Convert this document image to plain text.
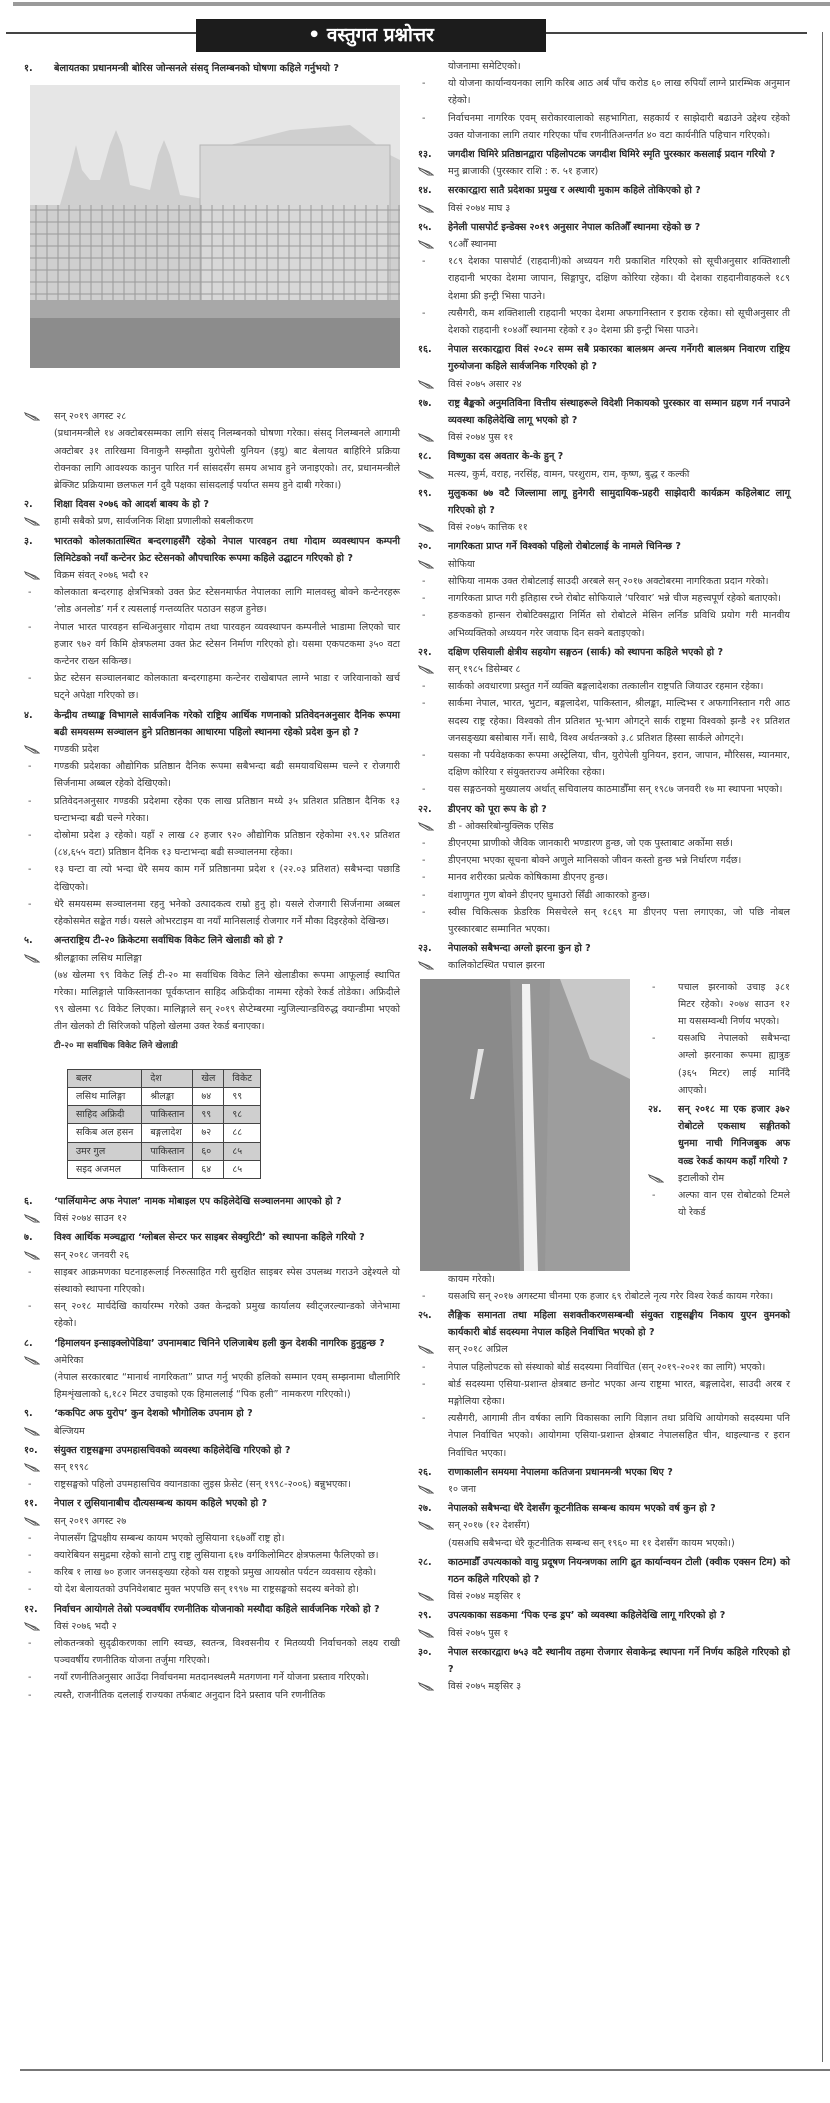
• वस्तुगत प्रश्नोत्तर
१.	बेलायतका प्रधानमन्त्री बोरिस जोन्सनले संसद् निलम्बनको घोषणा कहिले गर्नुभयो ?
सन् २०१९ अगस्ट २८
(प्रधानमन्त्रीले १४ अक्टोबरसम्मका लागि संसद् निलम्बनको घोषणा गरेका। संसद् निलम्बनले आगामी अक्टोबर ३१ तारिखमा विनाकुनै सम्झौता युरोपेली युनियन (इयु) बाट बेलायत बाहिरिने प्रक्रिया रोक्नका लागि आवश्यक कानुन पारित गर्न सांसदसँग समय अभाव हुने जनाइएको। तर, प्रधानमन्त्रीले ब्रेक्जिट प्रक्रियामा छलफल गर्न दुवै पक्षका सांसदलाई पर्याप्त समय हुने दाबी गरेका।)
२.	शिक्षा दिवस २०७६ को आदर्श बाक्य के हो ?
हामी सबैको प्रण, सार्वजनिक शिक्षा प्रणालीको सबलीकरण
३.	भारतको कोलकातास्थित बन्दरगाहसँगै रहेको नेपाल पारवहन तथा गोदाम व्यवस्थापन कम्पनी लिमिटेडको नयाँ कन्टेनर फ्रेट स्टेसनको औपचारिक रूपमा कहिले उद्घाटन गरिएको हो ?
विक्रम संवत् २०७६ भदौ १२
-	कोलकाता बन्दरगाह क्षेत्रभित्रको उक्त फ्रेट स्टेसनमार्फत नेपालका लागि मालवस्तु बोक्ने कन्टेनरहरू ‘लोड अनलोड’ गर्न र त्यसलाई गन्तव्यतिर पठाउन सहज हुनेछ।
-	नेपाल भारत पारवहन सन्धिअनुसार गोदाम तथा पारवहन व्यवस्थापन कम्पनीले भाडामा लिएको चार हजार ९७२ वर्ग किमि क्षेत्रफलमा उक्त फ्रेट स्टेसन निर्माण गरिएको हो। यसमा एकपटकमा ३५० वटा कन्टेनर राख्न सकिन्छ।
-	फ्रेट स्टेसन सञ्चालनबाट कोलकाता बन्दरगाहमा कन्टेनर राखेबापत लाग्ने भाडा र जरिवानाको खर्च घट्ने अपेक्षा गरिएको छ।
४.	केन्द्रीय तथ्याङ्क विभागले सार्वजनिक गरेको राष्ट्रिय आर्थिक गणनाको प्रतिवेदनअनुसार दैनिक रूपमा बढी समयसम्म सञ्चालन हुने प्रतिष्ठानका आधारमा पहिलो स्थानमा रहेको प्रदेश कुन हो ?
गण्डकी प्रदेश
-	गण्डकी प्रदेशका औद्योगिक प्रतिष्ठान दैनिक रूपमा सबैभन्दा बढी समयावधिसम्म चल्ने र रोजगारी सिर्जनामा अब्बल रहेको देखिएको।
-	प्रतिवेदनअनुसार गण्डकी प्रदेशमा रहेका एक लाख प्रतिष्ठान मध्ये ३५ प्रतिशत प्रतिष्ठान दैनिक १३ घन्टाभन्दा बढी चल्ने गरेका।
-	दोस्रोमा प्रदेश ३ रहेको। यहाँ २ लाख ८२ हजार ९२० औद्योगिक प्रतिष्ठान रहेकोमा २९.९२ प्रतिशत (८४,६५५ वटा) प्रतिष्ठान दैनिक १३ घन्टाभन्दा बढी सञ्चालनमा रहेका।
-	१३ घन्टा वा त्यो भन्दा धेरै समय काम गर्ने प्रतिष्ठानमा प्रदेश १ (२२.०३ प्रतिशत) सबैभन्दा पछाडि देखिएको।
-	धेरै समयसम्म सञ्चालनमा रहनु भनेको उत्पादकत्व राम्रो हुनु हो। यसले रोजगारी सिर्जनामा अब्बल रहेकोसमेत सङ्केत गर्छ। यसले ओभरटाइम वा नयाँ मानिसलाई रोजगार गर्ने मौका दिइरहेको देखिन्छ।
५.	अन्तराष्ट्रिय टी-२० क्रिकेटमा सर्वाधिक विकेट लिने खेलाडी को हो ?
श्रीलङ्काका लसिथ मालिङ्गा
(७४ खेलमा ९९ विकेट लिई टी-२० मा सर्वाधिक विकेट लिने खेलाडीका रूपमा आफूलाई स्थापित गरेका। मालिङ्गाले पाकिस्तानका पूर्वकप्तान साहिद अफ्रिदीका नाममा रहेको रेकर्ड तोडेका। अफ्रिदीले ९९ खेलमा ९८ विकेट लिएका। मालिङ्गाले सन् २०१९ सेप्टेम्बरमा न्युजिल्यान्डविरुद्ध क्यान्डीमा भएको तीन खेलको टी सिरिजको पहिलो खेलमा उक्त रेकर्ड बनाएका।
टी-२० मा सर्वाधिक विकेट लिने खेलाडी
बलर	देश	खेल	विकेट
लसिथ मालिङ्गा	श्रीलङ्का	७४	९९
साहिद अफ्रिदी	पाकिस्तान	९९	९८
सकिब अल हसन	बङ्गलादेश	७२	८८
उमर गुल	पाकिस्तान	६०	८५
सइद अजमल	पाकिस्तान	६४	८५
६.	‘पार्लियामेन्ट अफ नेपाल’ नामक मोबाइल एप कहिलेदेखि सञ्चालनमा आएको हो ?
विसं २०७४ साउन १२
७.	विश्व आर्थिक मञ्चद्वारा ‘ग्लोबल सेन्टर फर साइबर सेक्युरिटी’ को स्थापना कहिले गरियो ?
सन् २०१८ जनवरी २६
-	साइबर आक्रमणका घटनाहरूलाई निरुत्साहित गरी सुरक्षित साइबर स्पेस उपलब्ध गराउने उद्देश्यले यो संस्थाको स्थापना गरिएको।
-	सन् २०१८ मार्चदेखि कार्यारम्भ गरेको उक्त केन्द्रको प्रमुख कार्यालय स्वीट्जरल्यान्डको जेनेभामा रहेको।
८.	‘हिमालयन इन्साइक्लोपेडिया’ उपनामबाट चिनिने एलिजाबेथ हली कुन देशकी नागरिक हुनुहुन्छ ?
अमेरिका
(नेपाल सरकारबाट “मानार्थ नागरिकता” प्राप्त गर्नु भएकी हलिको सम्मान एवम् सम्झनामा धौलागिरि हिमशृंखलाको ६,१८२ मिटर उचाइको एक हिमाललाई “पिक हली” नामकरण गरिएको।)
९.	‘ककपिट अफ युरोप’ कुन देशको भौगोलिक उपनाम हो ?
बेल्जियम
१०.	संयुक्त राष्ट्रसङ्घमा उपमहासचिवको व्यवस्था कहिलेदेखि गरिएको हो ?
सन् १९९८
-	राष्ट्रसङ्घको पहिलो उपमहासचिव क्यानडाका लुइस फ्रेसेट (सन् १९९८-२००६) बन्नुभएका।
११.	नेपाल र लुसियानाबीच दौत्यसम्बन्ध कायम कहिले भएको हो ?
सन् २०१९ अगस्ट २७
-	नेपालसँग द्विपक्षीय सम्बन्ध कायम भएको लुसियाना १६७औँ राष्ट्र हो।
-	क्यारेबियन समुद्रमा रहेको सानो टापु राष्ट्र लुसियाना ६१७ वर्गकिलोमिटर क्षेत्रफलमा फैलिएको छ।
-	करिब १ लाख ७० हजार जनसङ्ख्या रहेको यस राष्ट्रको प्रमुख आयस्रोत पर्यटन व्यवसाय रहेको।
-	यो देश बेलायतको उपनिवेशबाट मुक्त भएपछि सन् १९९७ मा राष्ट्रसङ्घको सदस्य बनेको हो।
१२.	निर्वाचन आयोगले तेस्रो पञ्चवर्षीय रणनीतिक योजनाको मस्यौदा कहिले सार्वजनिक गरेको हो ?
विसं २०७६ भदौ २
-	लोकतन्त्रको सुदृढीकरणका लागि स्वच्छ, स्वतन्त्र, विश्वसनीय र मितव्ययी निर्वाचनको लक्ष्य राखी पञ्चवर्षीय रणनीतिक योजना तर्जुमा गरिएको।
-	नयाँ रणनीतिअनुसार आउँदा निर्वाचनमा मतदानस्थलमै मतगणना गर्ने योजना प्रस्ताव गरिएको।
-	त्यस्तै, राजनीतिक दललाई राज्यका तर्फबाट अनुदान दिने प्रस्ताव पनि रणनीतिक
योजनामा समेटिएको।
-	यो योजना कार्यान्वयनका लागि करिब आठ अर्ब पाँच करोड ६० लाख रुपियाँ लाग्ने प्रारम्भिक अनुमान रहेको।
-	निर्वाचनमा नागरिक एवम् सरोकारवालाको सहभागिता, सहकार्य र साझेदारी बढाउने उद्देश्य रहेको उक्त योजनाका लागि तयार गरिएका पाँच रणनीतिअन्तर्गत ४० वटा कार्यनीति पहिचान गरिएको।
१३.	जगदीश घिमिरे प्रतिष्ठानद्वारा पहिलोपटक जगदीश घिमिरे स्मृति पुरस्कार कसलाई प्रदान गरियो ?
मनु ब्राजाकी (पुरस्कार राशि : रु. ५१ हजार)
१४.	सरकारद्वारा सातै प्रदेशका प्रमुख र अस्थायी मुकाम कहिले तोकिएको हो ?
विसं २०७४ माघ ३
१५.	हेनेली पासपोर्ट इन्डेक्स २०१९ अनुसार नेपाल कतिऔँ स्थानमा रहेको छ ?
९८औँ स्थानमा
-	१८९ देशका पासपोर्ट (राहदानी)को अध्ययन गरी प्रकाशित गरिएको सो सूचीअनुसार शक्तिशाली राहदानी भएका देशमा जापान, सिङ्गापुर, दक्षिण कोरिया रहेका। यी देशका राहदानीवाहकले १८९ देशमा फ्री इन्ट्री भिसा पाउने।
-	त्यसैगरी, कम शक्तिशाली राहदानी भएका देशमा अफगानिस्तान र इराक रहेका। सो सूचीअनुसार ती देशको राहदानी १०४औँ स्थानमा रहेको र ३० देशमा फ्री इन्ट्री भिसा पाउने।
१६.	नेपाल सरकारद्वारा विसं २०८२ सम्म सबै प्रकारका बालश्रम अन्त्य गर्नेगरी बालश्रम निवारण राष्ट्रिय गुरुयोजना कहिले सार्वजनिक गरिएको हो ?
विसं २०७५ असार २४
१७.	राष्ट्र बैङ्कको अनुमतिविना वित्तीय संस्थाहरूले विदेशी निकायको पुरस्कार वा सम्मान ग्रहण गर्न नपाउने व्यवस्था कहिलेदेखि लागू भएको हो ?
विसं २०७४ पुस ११
१८.	विष्णुका दस अवतार के-के हुन् ?
मत्स्य, कुर्म, वराह, नरसिंह, वामन, परशुराम, राम, कृष्ण, बुद्ध र कल्की
१९.	मुलुकका ७७ वटै जिल्लामा लागू हुनेगरी सामुदायिक-प्रहरी साझेदारी कार्यक्रम कहिलेबाट लागू गरिएको हो ?
विसं २०७५ कात्तिक ११
२०.	नागरिकता प्राप्त गर्ने विश्वको पहिलो रोबोटलाई के नामले चिनिन्छ ?
सोफिया
-	सोफिया नामक उक्त रोबोटलाई साउदी अरबले सन् २०१७ अक्टोबरमा नागरिकता प्रदान गरेको।
-	नागरिकता प्राप्त गरी इतिहास रच्ने रोबोट सोफियाले ‘परिवार’ भन्ने चीज महत्त्वपूर्ण रहेको बताएको।
-	हङकङको हान्सन रोबोटिक्सद्वारा निर्मित सो रोबोटले मेसिन लर्निङ प्रविधि प्रयोग गरी मानवीय अभिव्यक्तिको अध्ययन गरेर जवाफ दिन सक्ने बताइएको।
२१.	दक्षिण एसियाली क्षेत्रीय सहयोग सङ्गठन (सार्क) को स्थापना कहिले भएको हो ?
सन् १९८५ डिसेम्बर ८
-	सार्कको अवधारणा प्रस्तुत गर्ने व्यक्ति बङ्गलादेशका तत्कालीन राष्ट्रपति जियाउर रहमान रहेका।
-	सार्कमा नेपाल, भारत, भुटान, बङ्गलादेश, पाकिस्तान, श्रीलङ्का, माल्दिभ्स र अफगानिस्तान गरी आठ सदस्य राष्ट्र रहेका। विश्वको तीन प्रतिशत भू-भाग ओगट्ने सार्क राष्ट्रमा विश्वको झन्डै २१ प्रतिशत जनसङ्ख्या बसोबास गर्ने। साथै, विश्व अर्थतन्त्रको ३.८ प्रतिशत हिस्सा सार्कले ओगट्ने।
-	यसका नौ पर्यवेक्षकका रूपमा अस्ट्रेलिया, चीन, युरोपेली युनियन, इरान, जापान, मौरिसस, म्यानमार, दक्षिण कोरिया र संयुक्तराज्य अमेरिका रहेका।
-	यस सङ्गठनको मुख्यालय अर्थात् सचिवालय काठमाडौँमा सन् १९८७ जनवरी १७ मा स्थापना भएको।
२२.	डीएनए को पूरा रूप के हो ?
डी - ओक्सरिबोन्युक्लिक एसिड
-	डीएनएमा प्राणीको जैविक जानकारी भण्डारण हुन्छ, जो एक पुस्ताबाट अर्कोमा सर्छ।
-	डीएनएमा भएका सूचना बोक्ने अणुले मानिसको जीवन कस्तो हुन्छ भन्ने निर्धारण गर्दछ।
-	मानव शरीरका प्रत्येक कोषिकामा डीएनए हुन्छ।
-	वंशाणुगत गुण बोक्ने डीएनए घुमाउरो सिँढी आकारको हुन्छ।
-	स्वीस चिकित्सक फ्रेडरिक मिसचेरले सन् १८६९ मा डीएनए पत्ता लगाएका, जो पछि नोबल पुरस्कारबाट सम्मानित भएका।
२३.	नेपालको सबैभन्दा अग्लो झरना कुन हो ?
कालिकोटस्थित पचाल झरना
-	पचाल झरनाको उचाइ ३८१ मिटर रहेको। २०७४ साउन १२ मा यससम्वन्धी निर्णय भएको।
-	यसअघि नेपालको सबैभन्दा अग्लो झरनाका रूपमा ह्यात्रुङ (३६५ मिटर) लाई मानिँदै आएको।
२४.	सन् २०१८ मा एक हजार ३७२ रोबोटले एकसाथ सङ्गीतको धुनमा नाची गिनिजबुक अफ वल्र्ड रेकर्ड कायम कहाँ गरियो ?
इटालीको रोम
-	अल्फा वान एस रोबोटको टिमले यो रेकर्ड
कायम गरेको।
-	यसअघि सन् २०१७ अगस्टमा चीनमा एक हजार ६९ रोबोटले नृत्य गरेर विश्व रेकर्ड कायम गरेका।
२५.	लैङ्गिक समानता तथा महिला सशक्तीकरणसम्बन्धी संयुक्त राष्ट्रसङ्घीय निकाय युएन वुमनको कार्यकारी बोर्ड सदस्यमा नेपाल कहिले निर्वाचित भएको हो ?
सन् २०१८ अप्रिल
-	नेपाल पहिलोपटक सो संस्थाको बोर्ड सदस्यमा निर्वाचित (सन् २०१९-२०२१ का लागि) भएको।
-	बोर्ड सदस्यमा एसिया-प्रशान्त क्षेत्रबाट छनोट भएका अन्य राष्ट्रमा भारत, बङ्गलादेश, साउदी अरब र मङ्गोलिया रहेका।
-	त्यसैगरी, आगामी तीन वर्षका लागि विकासका लागि विज्ञान तथा प्रविधि आयोगको सदस्यमा पनि नेपाल निर्वाचित भएको। आयोगमा एसिया-प्रशान्त क्षेत्रबाट नेपालसहित चीन, थाइल्यान्ड र इरान निर्वाचित भएका।
२६.	राणाकालीन समयमा नेपालमा कतिजना प्रधानमन्त्री भएका थिए ?
१० जना
२७.	नेपालको सबैभन्दा धेरै देशसँग कूटनीतिक सम्बन्ध कायम भएको वर्ष कुन हो ?
सन् २०१७ (१२ देशसँग)
(यसअघि सबैभन्दा धेरै कूटनीतिक सम्बन्ध सन् १९६० मा ११ देशसँग कायम भएको।)
२८.	काठमाडौँ उपत्यकाको वायु प्रदूषण नियन्त्रणका लागि द्रुत कार्यान्वयन टोली (क्वीक एक्सन टिम) को गठन कहिले गरिएको हो ?
विसं २०७४ मङ्सिर १
२९.	उपत्यकाका सडकमा ‘पिक एन्ड ड्रप’ को व्यवस्था कहिलेदेखि लागू गरिएको हो ?
विसं २०७५ पुस १
३०.	नेपाल सरकारद्वारा ७५३ वटै स्थानीय तहमा रोजगार सेवाकेन्द्र स्थापना गर्ने निर्णय कहिले गरिएको हो ?
विसं २०७५ मङ्सिर ३
